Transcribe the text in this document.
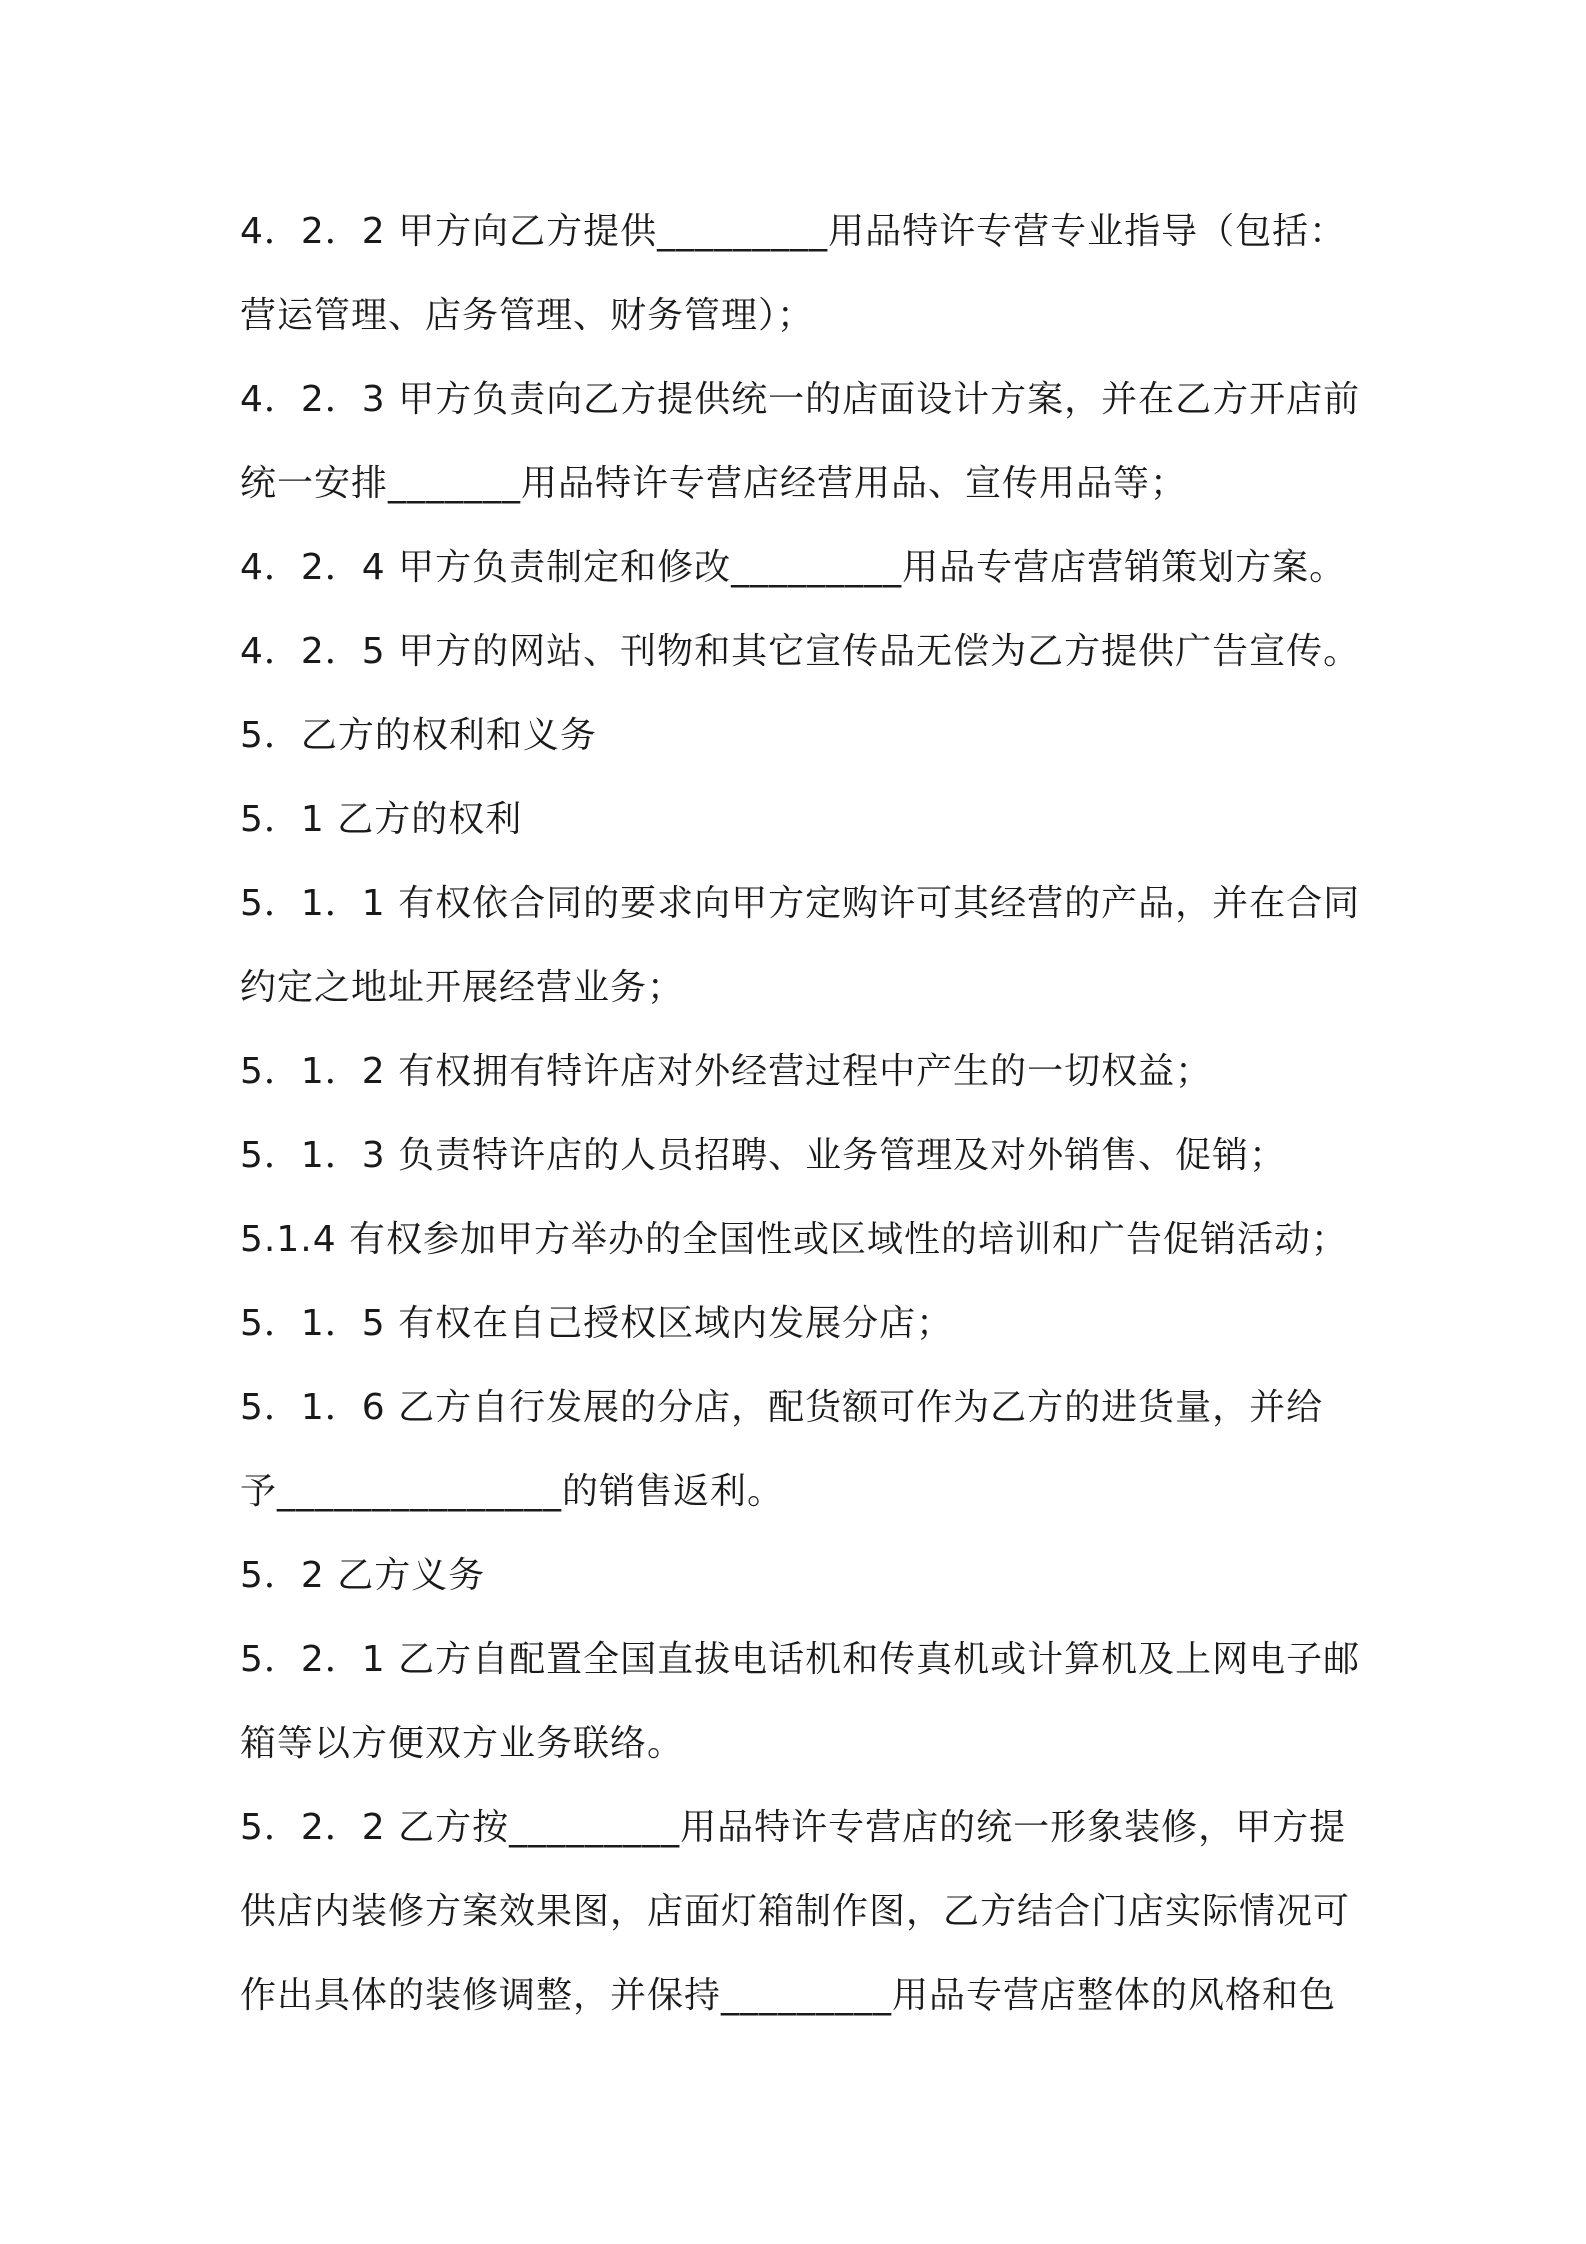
4．2．2 甲方向乙方提供_________用品特许专营专业指导（包括：
营运管理、店务管理、财务管理）；
4．2．3 甲方负责向乙方提供统一的店面设计方案，并在乙方开店前
统一安排_______用品特许专营店经营用品、宣传用品等；
4．2．4 甲方负责制定和修改_________用品专营店营销策划方案。
4．2．5 甲方的网站、刊物和其它宣传品无偿为乙方提供广告宣传。
5．乙方的权利和义务
5．1 乙方的权利
5．1．1 有权依合同的要求向甲方定购许可其经营的产品，并在合同
约定之地址开展经营业务；
5．1．2 有权拥有特许店对外经营过程中产生的一切权益；
5．1．3 负责特许店的人员招聘、业务管理及对外销售、促销；
5.1.4 有权参加甲方举办的全国性或区域性的培训和广告促销活动；
5．1．5 有权在自己授权区域内发展分店；
5．1．6 乙方自行发展的分店，配货额可作为乙方的进货量，并给
予_______________的销售返利。
5．2 乙方义务
5．2．1 乙方自配置全国直拔电话机和传真机或计算机及上网电子邮
箱等以方便双方业务联络。
5．2．2 乙方按_________用品特许专营店的统一形象装修，甲方提
供店内装修方案效果图，店面灯箱制作图，乙方结合门店实际情况可
作出具体的装修调整，并保持_________用品专营店整体的风格和色
